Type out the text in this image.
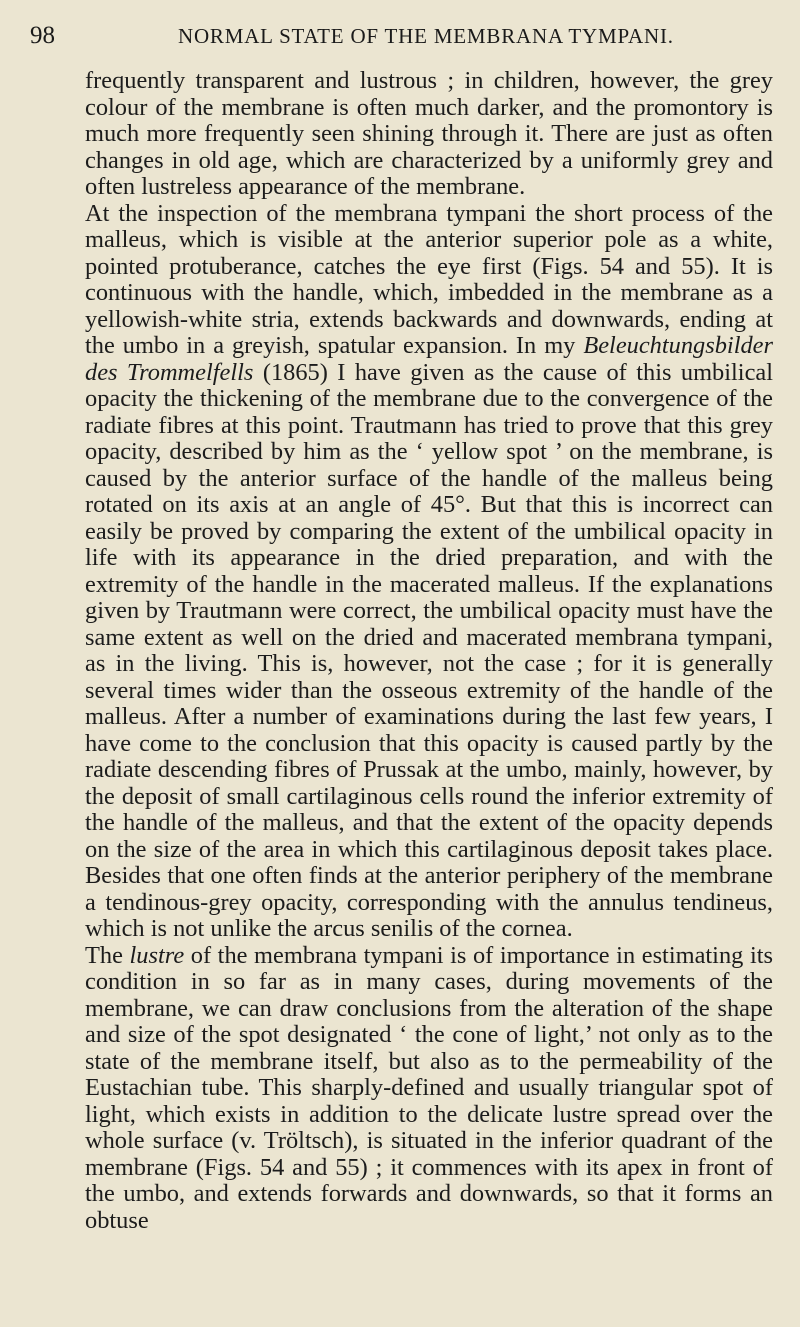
98	NORMAL STATE OF THE MEMBRANA TYMPANI.

frequently transparent and lustrous ; in children, however, the grey colour of the membrane is often much darker, and the promontory is much more frequently seen shining through it. There are just as often changes in old age, which are characterized by a uniformly grey and often lustreless appearance of the membrane.

At the inspection of the membrana tympani the short process of the malleus, which is visible at the anterior superior pole as a white, pointed protuberance, catches the eye first (Figs. 54 and 55). It is continuous with the handle, which, imbedded in the membrane as a yellowish-white stria, extends backwards and downwards, ending at the umbo in a greyish, spatular expansion. In my Beleuchtungsbilder des Trommelfells (1865) I have given as the cause of this umbilical opacity the thickening of the membrane due to the convergence of the radiate fibres at this point. Trautmann has tried to prove that this grey opacity, described by him as the ‘ yellow spot ’ on the membrane, is caused by the anterior surface of the handle of the malleus being rotated on its axis at an angle of 45°. But that this is incorrect can easily be proved by comparing the extent of the umbilical opacity in life with its appearance in the dried preparation, and with the extremity of the handle in the macerated malleus. If the explanations given by Trautmann were correct, the umbilical opacity must have the same extent as well on the dried and macerated membrana tympani, as in the living. This is, however, not the case ; for it is generally several times wider than the osseous extremity of the handle of the malleus. After a number of examinations during the last few years, I have come to the conclusion that this opacity is caused partly by the radiate descending fibres of Prussak at the umbo, mainly, however, by the deposit of small cartilaginous cells round the inferior extremity of the handle of the malleus, and that the extent of the opacity depends on the size of the area in which this cartilaginous deposit takes place. Besides that one often finds at the anterior periphery of the membrane a tendinous-grey opacity, corresponding with the annulus tendineus, which is not unlike the arcus senilis of the cornea.

The lustre of the membrana tympani is of importance in estimating its condition in so far as in many cases, during movements of the membrane, we can draw conclusions from the alteration of the shape and size of the spot designated ‘ the cone of light,’ not only as to the state of the membrane itself, but also as to the permeability of the Eustachian tube. This sharply-defined and usually triangular spot of light, which exists in addition to the delicate lustre spread over the whole surface (v. Tröltsch), is situated in the inferior quadrant of the membrane (Figs. 54 and 55) ; it commences with its apex in front of the umbo, and extends forwards and downwards, so that it forms an obtuse
